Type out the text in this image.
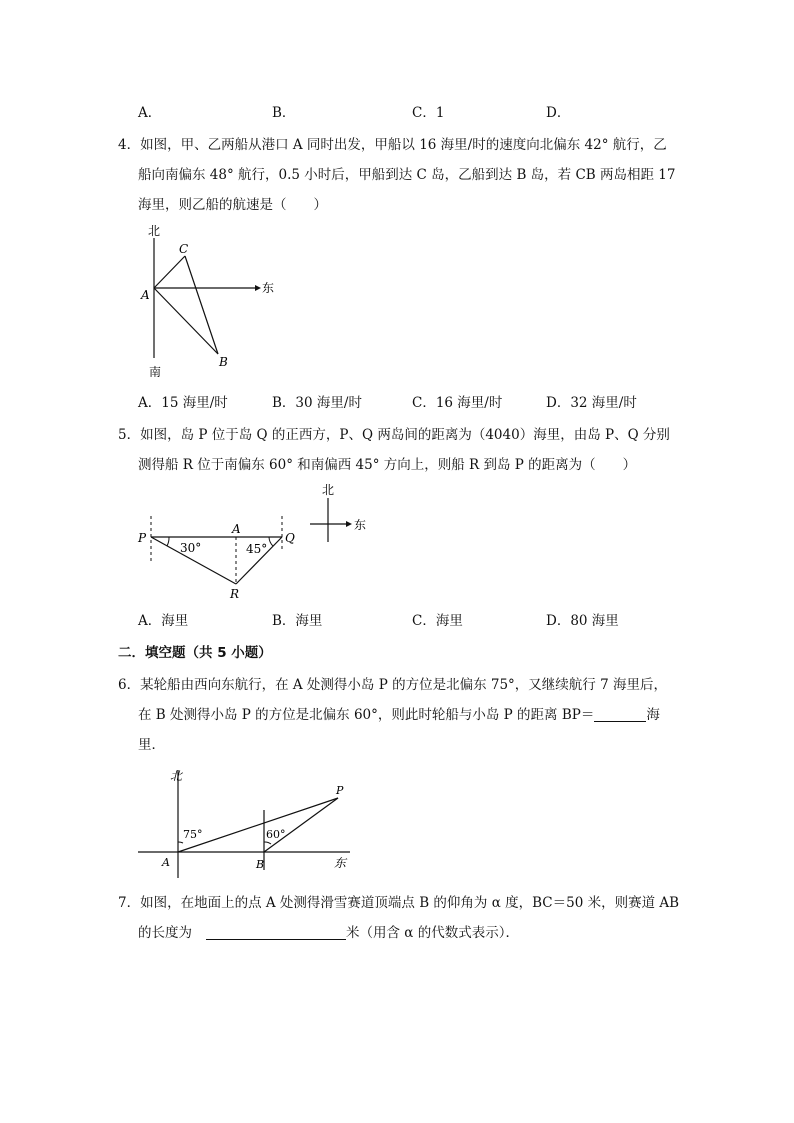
A．	B．	C．1	D．
4．如图，甲、乙两船从港口 A 同时出发，甲船以 16 海里/时的速度向北偏东 42° 航行，乙
船向南偏东 48° 航行，0.5 小时后，甲船到达 C 岛，乙船到达 B 岛，若 CB 两岛相距 17
海里，则乙船的航速是（　　）
北
南
东
A
C
B
A．15 海里/时	B．30 海里/时	C．16 海里/时	D．32 海里/时
5．如图，岛 P 位于岛 Q 的正西方，P、Q 两岛间的距离为（4040）海里，由岛 P、Q 分别
测得船 R 位于南偏东 60° 和南偏西 45° 方向上，则船 R 到岛 P 的距离为（　　）
P
A
Q
R
30°	45°
北
东
A．海里	B．海里	C．海里	D．80 海里
二．填空题（共 5 小题）
6．某轮船由西向东航行，在 A 处测得小岛 P 的方位是北偏东 75°，又继续航行 7 海里后，
在 B 处测得小岛 P 的方位是北偏东 60°，则此时轮船与小岛 P 的距离 BP＝	海
里．
北
东
A	B
P
75°	60°
7．如图，在地面上的点 A 处测得滑雪赛道顶端点 B 的仰角为 α 度，BC＝50 米，则赛道 AB
的长度为	米（用含 α 的代数式表示）．
